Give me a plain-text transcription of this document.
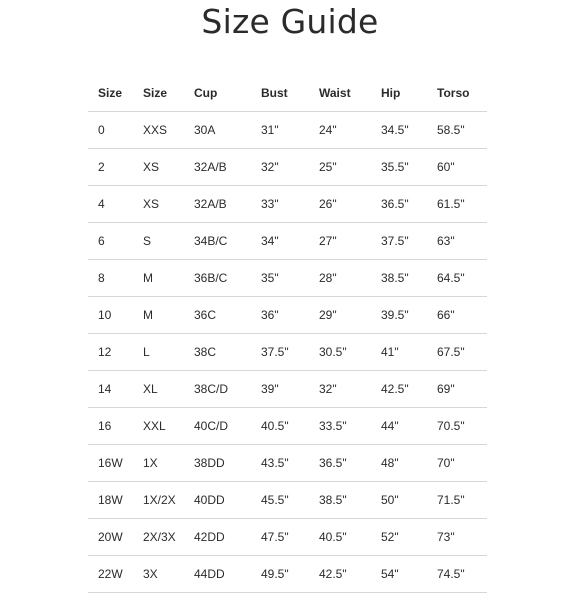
Size Guide
Size	Size	Cup	Bust	Waist	Hip	Torso
0	XXS	30A	31"	24"	34.5"	58.5"
2	XS	32A/B	32"	25"	35.5"	60"
4	XS	32A/B	33"	26"	36.5"	61.5"
6	S	34B/C	34"	27"	37.5"	63"
8	M	36B/C	35"	28"	38.5"	64.5"
10	M	36C	36"	29"	39.5"	66"
12	L	38C	37.5"	30.5"	41"	67.5"
14	XL	38C/D	39"	32"	42.5"	69"
16	XXL	40C/D	40.5"	33.5"	44"	70.5"
16W	1X	38DD	43.5"	36.5"	48"	70"
18W	1X/2X	40DD	45.5"	38.5"	50"	71.5"
20W	2X/3X	42DD	47.5"	40.5"	52"	73"
22W	3X	44DD	49.5"	42.5"	54"	74.5"
